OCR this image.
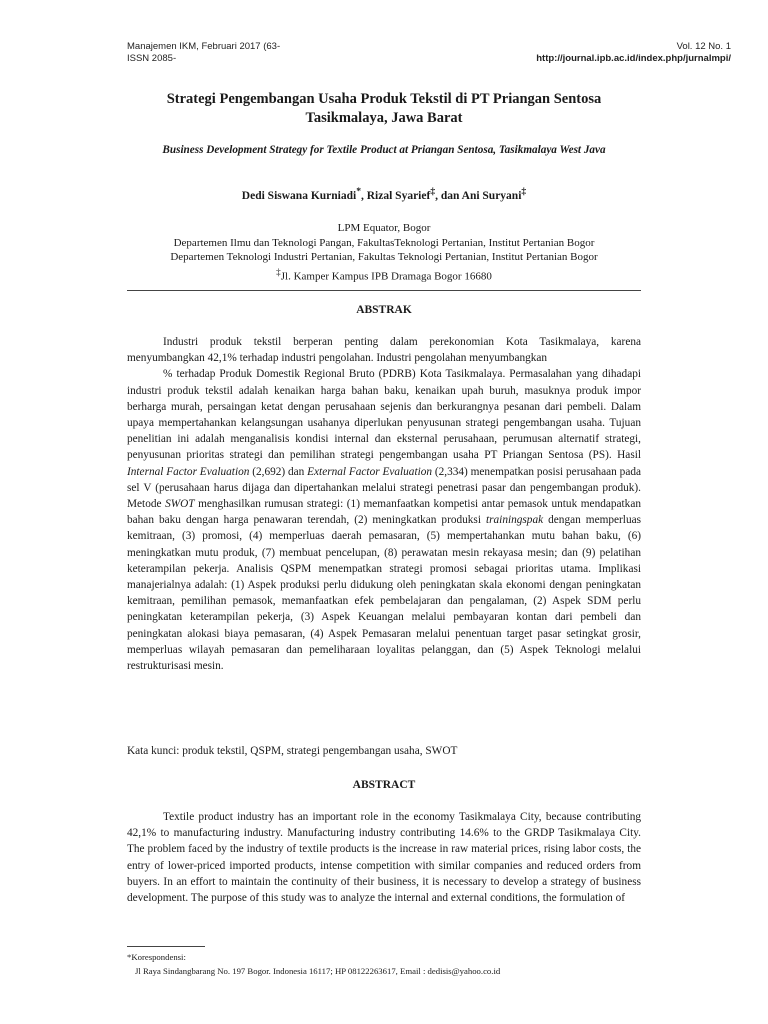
Manajemen IKM, Februari 2017 (63-
ISSN 2085-
Vol. 12 No. 1
http://journal.ipb.ac.id/index.php/jurnalmpi/
Strategi Pengembangan Usaha Produk Tekstil di PT Priangan Sentosa
Tasikmalaya, Jawa Barat
Business Development Strategy for Textile Product at Priangan Sentosa, Tasikmalaya West Java
Dedi Siswana Kurniadi*, Rizal Syarief‡, dan Ani Suryani‡
LPM Equator, Bogor
Departemen Ilmu dan Teknologi Pangan, FakultasTeknologi Pertanian, Institut Pertanian Bogor
Departemen Teknologi Industri Pertanian, Fakultas Teknologi Pertanian, Institut Pertanian Bogor
‡Jl. Kamper Kampus IPB Dramaga Bogor 16680
ABSTRAK
Industri produk tekstil berperan penting dalam perekonomian Kota Tasikmalaya, karena menyumbangkan 42,1% terhadap industri pengolahan. Industri pengolahan menyumbangkan
% terhadap Produk Domestik Regional Bruto (PDRB) Kota Tasikmalaya. Permasalahan yang dihadapi industri produk tekstil adalah kenaikan harga bahan baku, kenaikan upah buruh, masuknya produk impor berharga murah, persaingan ketat dengan perusahaan sejenis dan berkurangnya pesanan dari pembeli. Dalam upaya mempertahankan kelangsungan usahanya diperlukan penyusunan strategi pengembangan usaha. Tujuan penelitian ini adalah menganalisis kondisi internal dan eksternal perusahaan, perumusan alternatif strategi, penyusunan prioritas strategi dan pemilihan strategi pengembangan usaha PT Priangan Sentosa (PS). Hasil Internal Factor Evaluation (2,692) dan External Factor Evaluation (2,334) menempatkan posisi perusahaan pada sel V (perusahaan harus dijaga dan dipertahankan melalui strategi penetrasi pasar dan pengembangan produk). Metode SWOT menghasilkan rumusan strategi: (1) memanfaatkan kompetisi antar pemasok untuk mendapatkan bahan baku dengan harga penawaran terendah, (2) meningkatkan produksi trainingspak dengan memperluas kemitraan, (3) promosi, (4) memperluas daerah pemasaran, (5) mempertahankan mutu bahan baku, (6) meningkatkan mutu produk, (7) membuat pencelupan, (8) perawatan mesin rekayasa mesin; dan (9) pelatihan keterampilan pekerja. Analisis QSPM menempatkan strategi promosi sebagai prioritas utama. Implikasi manajerialnya adalah: (1) Aspek produksi perlu didukung oleh peningkatan skala ekonomi dengan peningkatan kemitraan, pemilihan pemasok, memanfaatkan efek pembelajaran dan pengalaman, (2) Aspek SDM perlu peningkatan keterampilan pekerja, (3) Aspek Keuangan melalui pembayaran kontan dari pembeli dan peningkatan alokasi biaya pemasaran, (4) Aspek Pemasaran melalui penentuan target pasar setingkat grosir, memperluas wilayah pemasaran dan pemeliharaan loyalitas pelanggan, dan (5) Aspek Teknologi melalui restrukturisasi mesin.
Kata kunci: produk tekstil, QSPM, strategi pengembangan usaha, SWOT
ABSTRACT
Textile product industry has an important role in the economy Tasikmalaya City, because contributing 42,1% to manufacturing industry. Manufacturing industry contributing 14.6% to the GRDP Tasikmalaya City. The problem faced by the industry of textile products is the increase in raw material prices, rising labor costs, the entry of lower-priced imported products, intense competition with similar companies and reduced orders from buyers. In an effort to maintain the continuity of their business, it is necessary to develop a strategy of business development. The purpose of this study was to analyze the internal and external conditions, the formulation of
*Korespondensi:
Jl Raya Sindangbarang No. 197 Bogor. Indonesia 16117; HP 08122263617, Email : dedisis@yahoo.co.id
